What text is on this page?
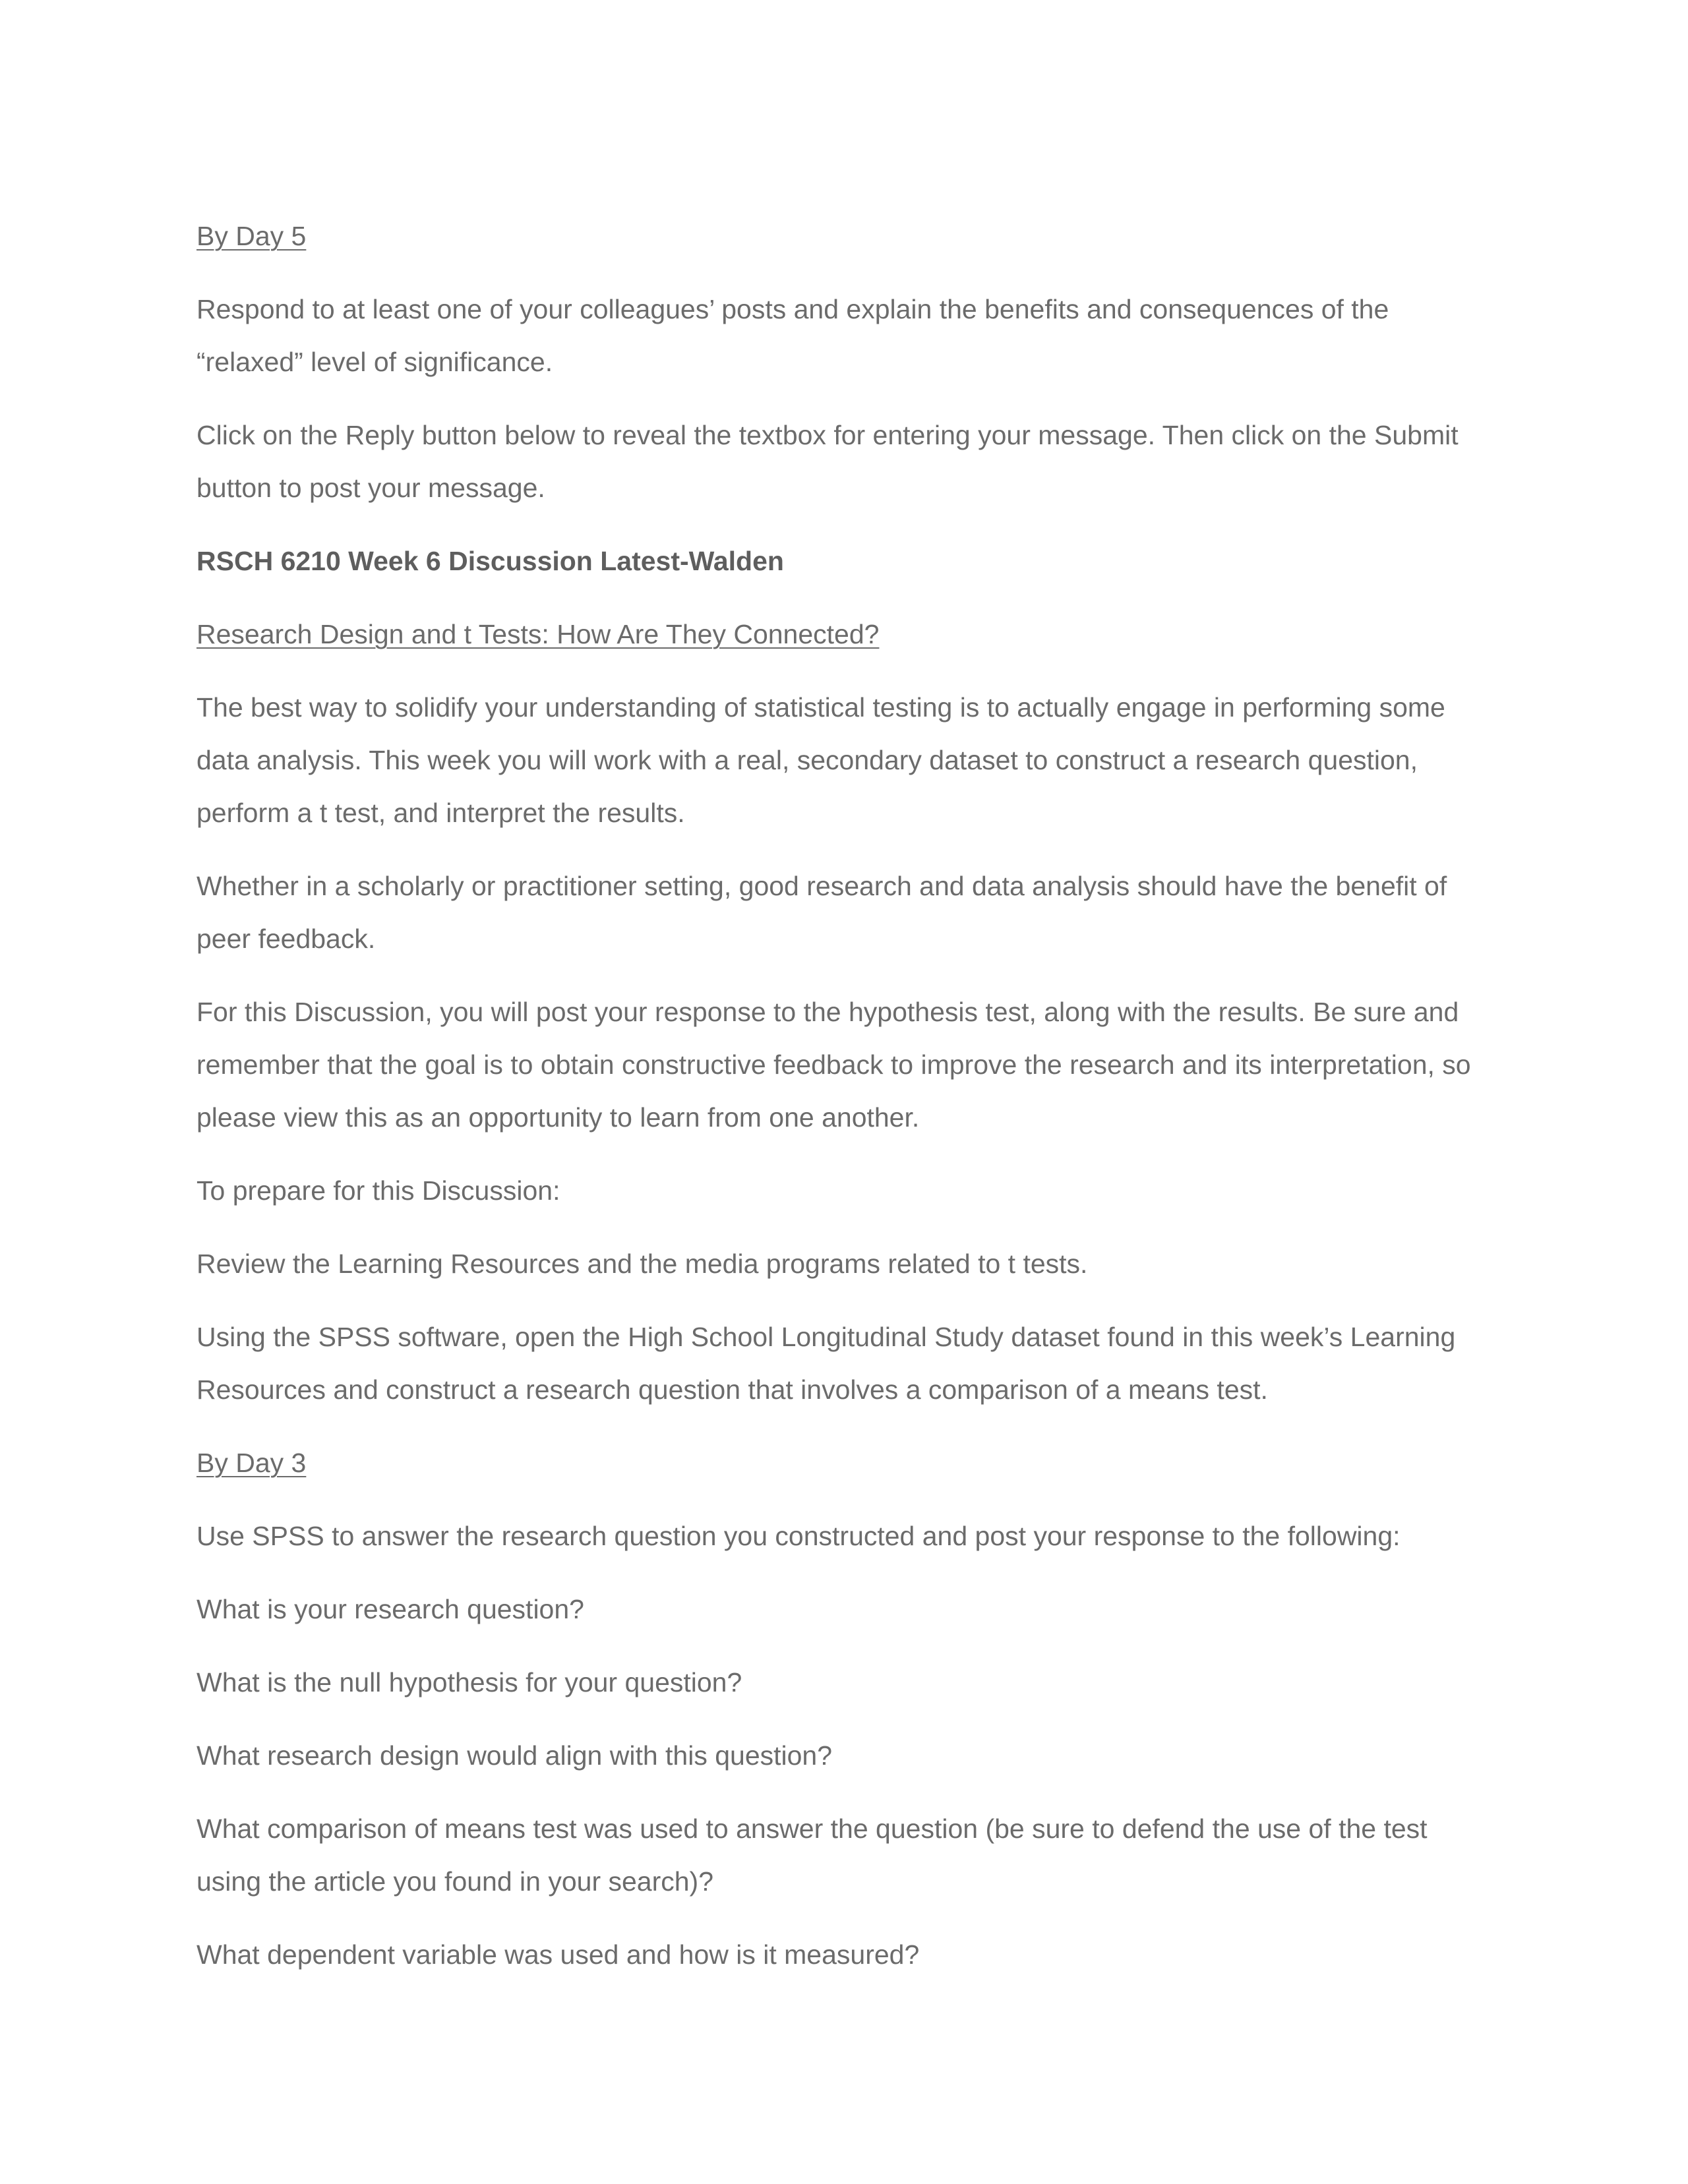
By Day 5

Respond to at least one of your colleagues’ posts and explain the benefits and consequences of the “relaxed” level of significance.

Click on the Reply button below to reveal the textbox for entering your message. Then click on the Submit button to post your message.

RSCH 6210 Week 6 Discussion Latest-Walden

Research Design and t Tests: How Are They Connected?

The best way to solidify your understanding of statistical testing is to actually engage in performing some data analysis. This week you will work with a real, secondary dataset to construct a research question, perform a t test, and interpret the results.

Whether in a scholarly or practitioner setting, good research and data analysis should have the benefit of peer feedback.

For this Discussion, you will post your response to the hypothesis test, along with the results. Be sure and remember that the goal is to obtain constructive feedback to improve the research and its interpretation, so please view this as an opportunity to learn from one another.

To prepare for this Discussion:

Review the Learning Resources and the media programs related to t tests.

Using the SPSS software, open the High School Longitudinal Study dataset found in this week’s Learning Resources and construct a research question that involves a comparison of a means test.

By Day 3

Use SPSS to answer the research question you constructed and post your response to the following:

What is your research question?

What is the null hypothesis for your question?

What research design would align with this question?

What comparison of means test was used to answer the question (be sure to defend the use of the test using the article you found in your search)?

What dependent variable was used and how is it measured?
